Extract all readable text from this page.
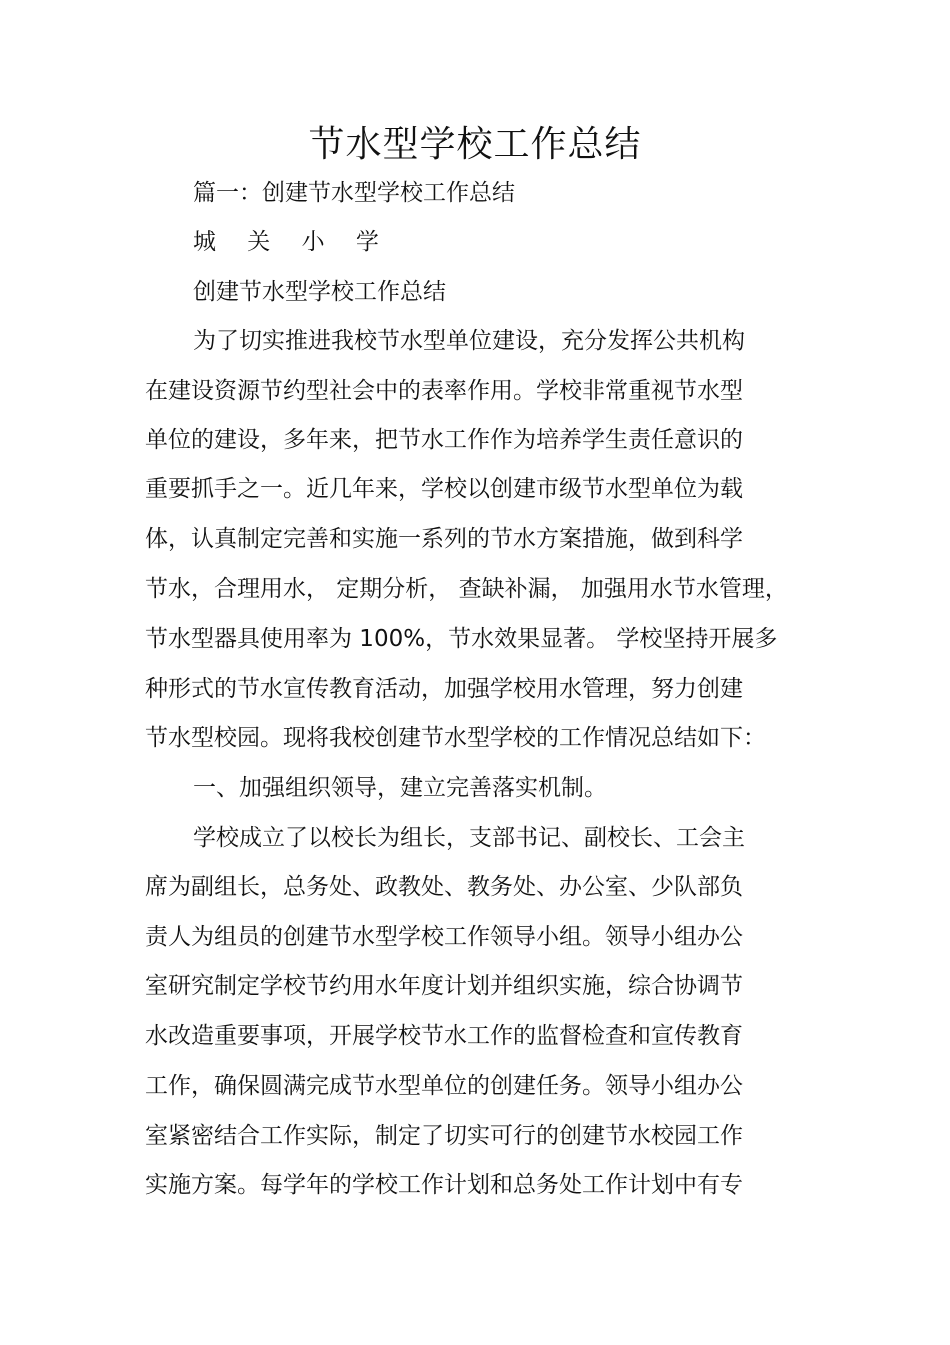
节水型学校工作总结
篇一：创建节水型学校工作总结
城 关 小 学
创建节水型学校工作总结
为了切实推进我校节水型单位建设，充分发挥公共机构
在建设资源节约型社会中的表率作用。学校非常重视节水型
单位的建设，多年来，把节水工作作为培养学生责任意识的
重要抓手之一。近几年来，学校以创建市级节水型单位为载
体，认真制定完善和实施一系列的节水方案措施，做到科学
节水，合理用水， 定期分析， 查缺补漏， 加强用水节水管理，
节水型器具使用率为 100%，节水效果显著。 学校坚持开展多
种形式的节水宣传教育活动，加强学校用水管理，努力创建
节水型校园。现将我校创建节水型学校的工作情况总结如下：
一、加强组织领导，建立完善落实机制。
学校成立了以校长为组长，支部书记、副校长、工会主
席为副组长，总务处、政教处、教务处、办公室、少队部负
责人为组员的创建节水型学校工作领导小组。领导小组办公
室研究制定学校节约用水年度计划并组织实施，综合协调节
水改造重要事项，开展学校节水工作的监督检查和宣传教育
工作，确保圆满完成节水型单位的创建任务。领导小组办公
室紧密结合工作实际，制定了切实可行的创建节水校园工作
实施方案。每学年的学校工作计划和总务处工作计划中有专
